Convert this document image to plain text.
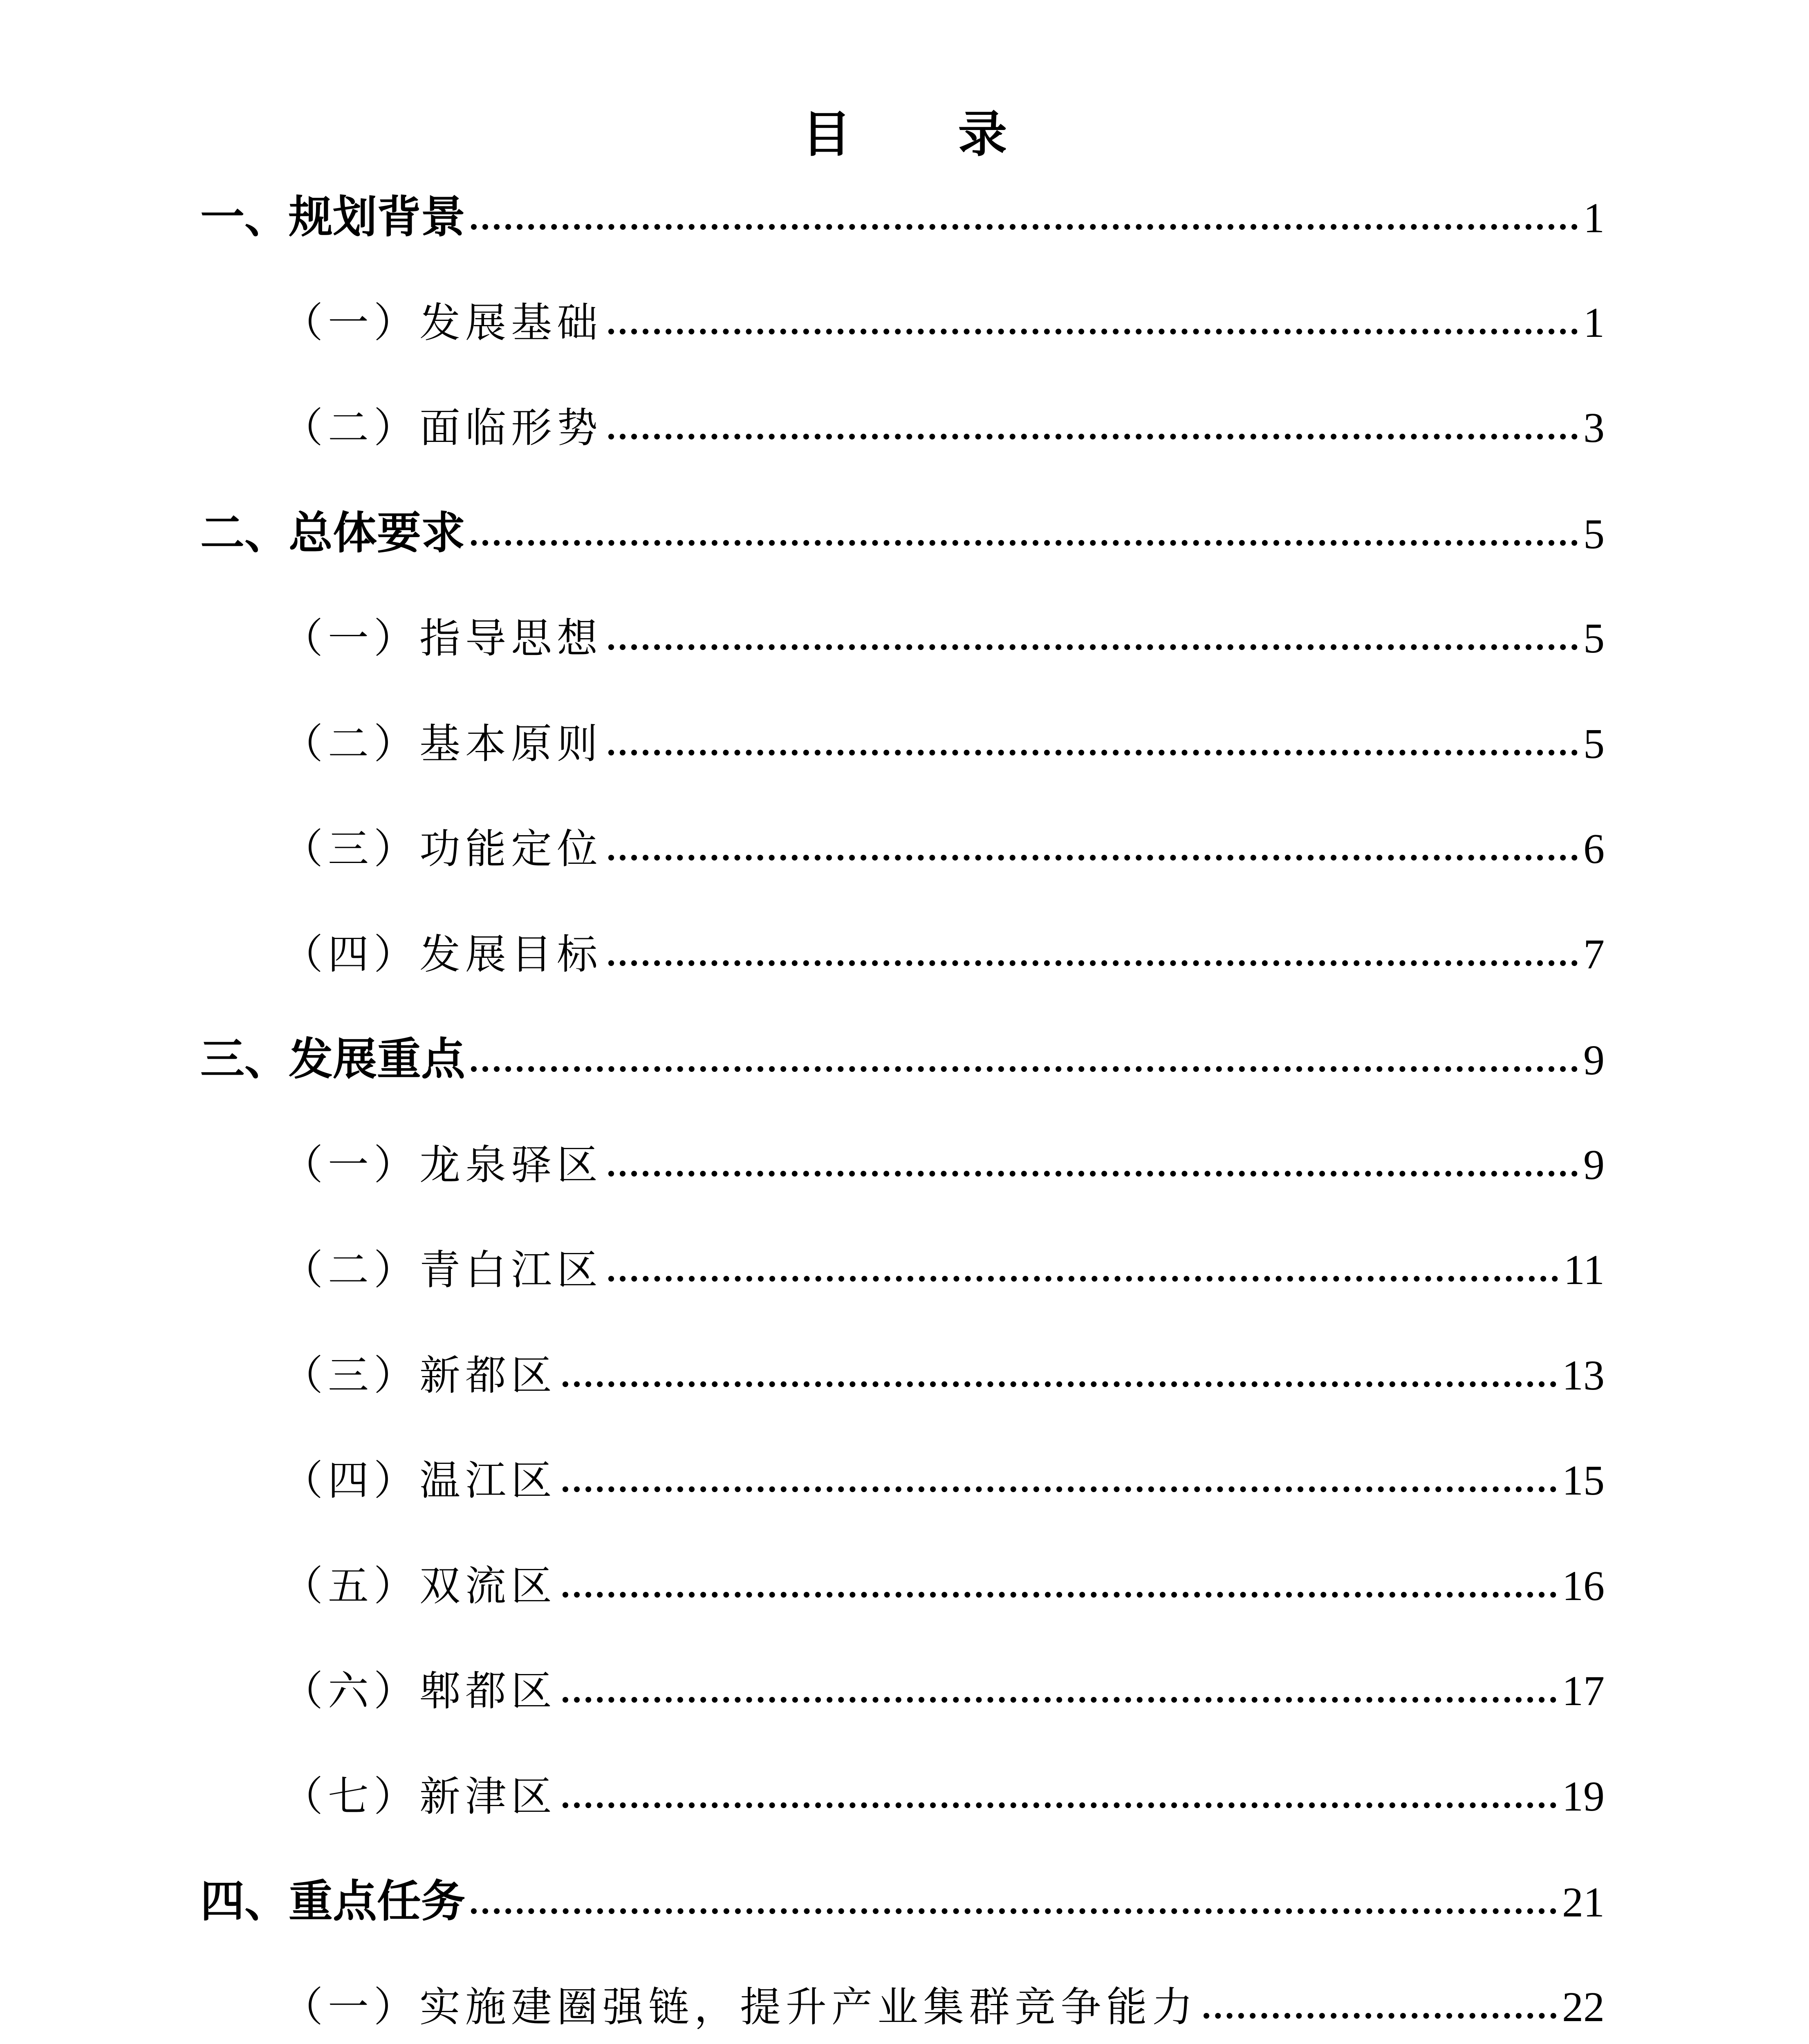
目 录
一、规划背景	1
（一）发展基础	1
（二）面临形势	3
二、总体要求	5
（一）指导思想	5
（二）基本原则	5
（三）功能定位	6
（四）发展目标	7
三、发展重点	9
（一）龙泉驿区	9
（二）青白江区	11
（三）新都区	13
（四）温江区	15
（五）双流区	16
（六）郫都区	17
（七）新津区	19
四、重点任务	21
（一）实施建圈强链，提升产业集群竞争能力	22
